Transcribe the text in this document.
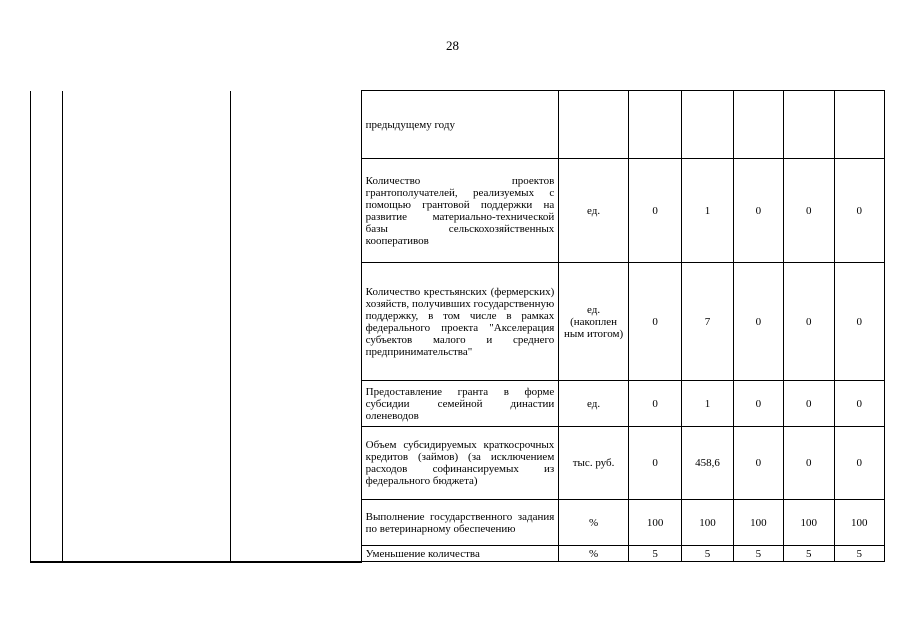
28
			предыдущему году						
			Количество проектов грантополучателей, реализуемых с помощью грантовой поддержки на развитие материально-технической базы сельскохозяйственных кооперативов	ед.	0	1	0	0	0
			Количество крестьянских (фермерских) хозяйств, получивших государственную поддержку, в том числе в рамках федерального проекта "Акселерация субъектов малого и среднего предпринимательства"	ед. (накоплен ным итогом)	0	7	0	0	0
			Предоставление гранта в форме субсидии семейной династии оленеводов	ед.	0	1	0	0	0
			Объем субсидируемых краткосрочных кредитов (займов) (за исключением расходов софинансируемых из федерального бюджета)	тыс. руб.	0	458,6	0	0	0
			Выполнение государственного задания по ветеринарному обеспечению	%	100	100	100	100	100
			Уменьшение количества	%	5	5	5	5	5
